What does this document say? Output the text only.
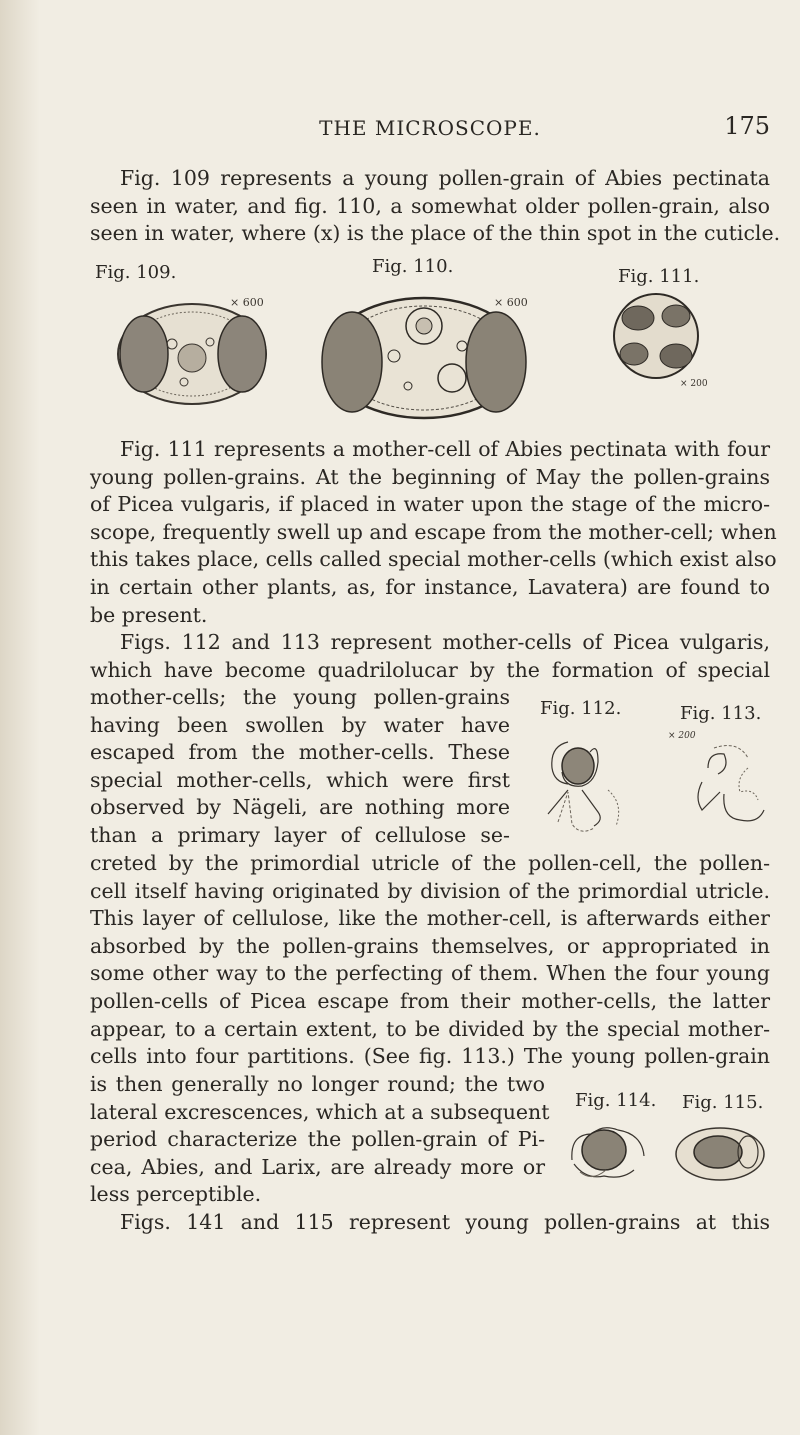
THE MICROSCOPE.	175
Fig. 109 represents a young pollen-grain of Abies pectinata
seen in water, and fig. 110, a somewhat older pollen-grain, also
seen in water, where (x) is the place of the thin spot in the cuticle.
Fig. 109.	Fig. 110.	Fig. 111.
× 600	× 600
× 200
Fig. 111 represents a mother-cell of Abies pectinata with four
young pollen-grains. At the beginning of May the pollen-grains
of Picea vulgaris, if placed in water upon the stage of the micro-
scope, frequently swell up and escape from the mother-cell; when
this takes place, cells called special mother-cells (which exist also
in certain other plants, as, for instance, Lavatera) are found to
be present.
Figs. 112 and 113 represent mother-cells of Picea vulgaris,
which have become quadrilolucar by the formation of special
mother-cells; the young pollen-grains
having been swollen by water have
escaped from the mother-cells. These
special mother-cells, which were first
observed by Nägeli, are nothing more
than a primary layer of cellulose se-
Fig. 112.	Fig. 113.
× 200
creted by the primordial utricle of the pollen-cell, the pollen-
cell itself having originated by division of the primordial utricle.
This layer of cellulose, like the mother-cell, is afterwards either
absorbed by the pollen-grains themselves, or appropriated in
some other way to the perfecting of them. When the four young
pollen-cells of Picea escape from their mother-cells, the latter
appear, to a certain extent, to be divided by the special mother-
cells into four partitions. (See fig. 113.) The young pollen-grain
is then generally no longer round; the two
lateral excrescences, which at a subsequent
period characterize the pollen-grain of Pi-
cea, Abies, and Larix, are already more or
less perceptible.
Fig. 114. Fig. 115.
Figs. 141 and 115 represent young pollen-grains at this
